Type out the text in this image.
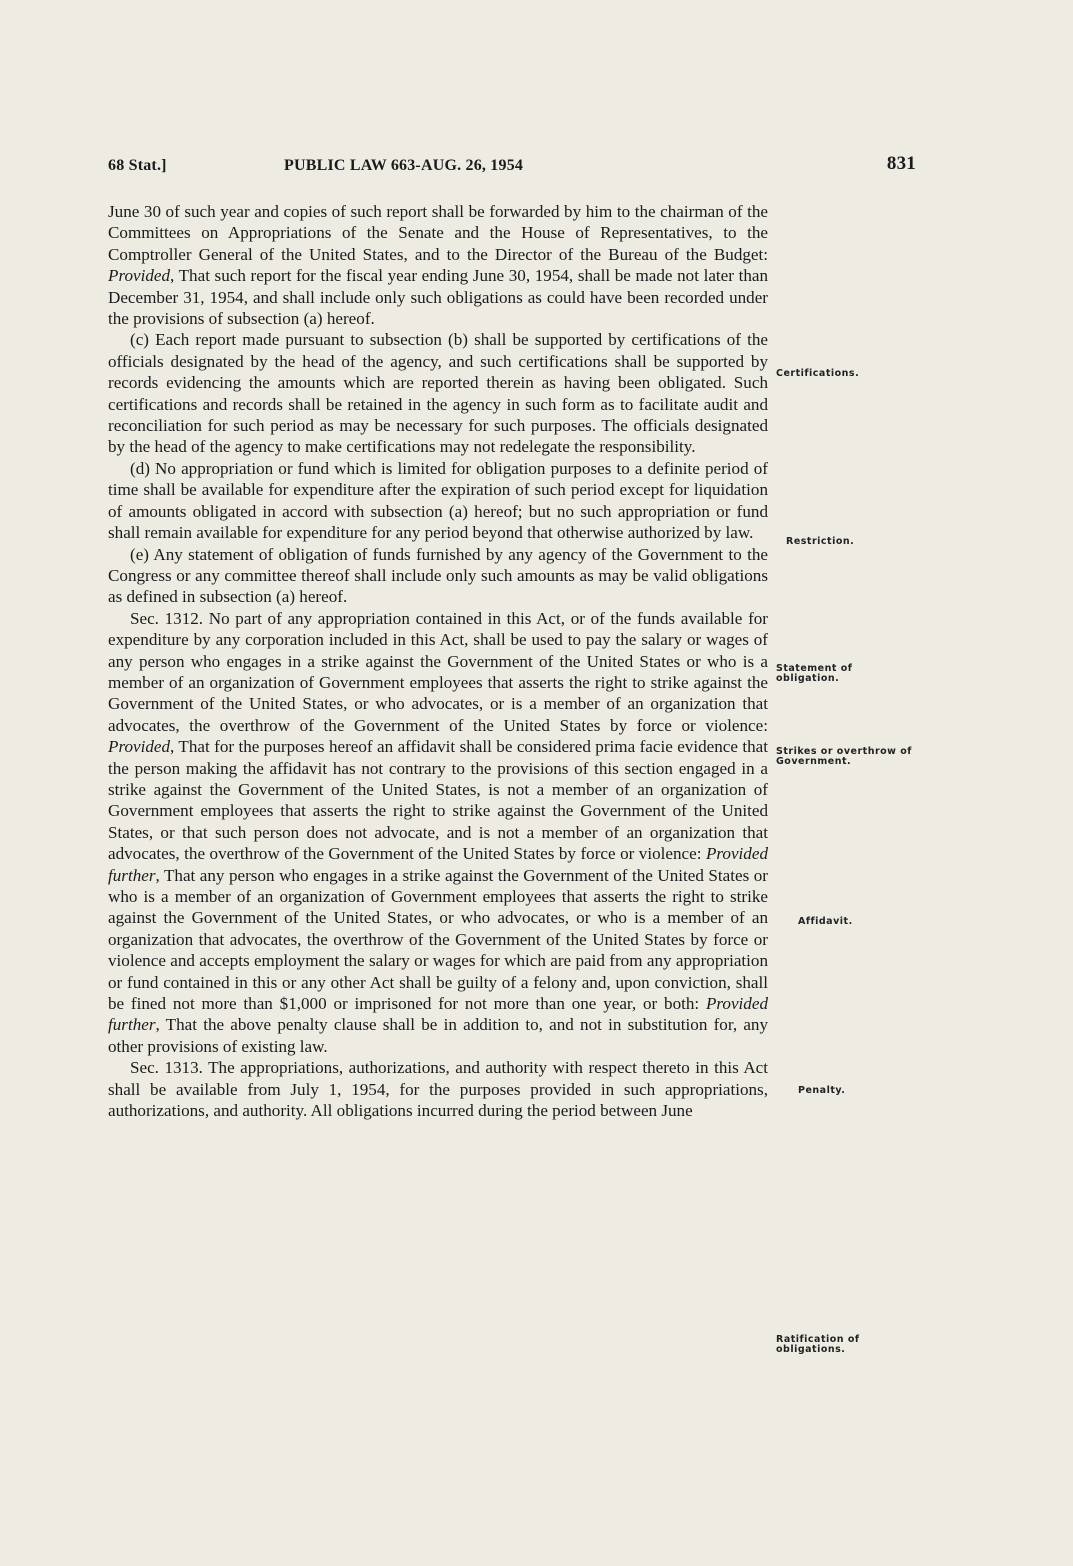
68 Stat.]	PUBLIC LAW 663-AUG. 26, 1954	831

June 30 of such year and copies of such report shall be forwarded by him to the chairman of the Committees on Appropriations of the Senate and the House of Representatives, to the Comptroller General of the United States, and to the Director of the Bureau of the Budget: Provided, That such report for the fiscal year ending June 30, 1954, shall be made not later than December 31, 1954, and shall include only such obligations as could have been recorded under the provisions of subsection (a) hereof.

(c) Each report made pursuant to subsection (b) shall be supported by certifications of the officials designated by the head of the agency, and such certifications shall be supported by records evidencing the amounts which are reported therein as having been obligated. Such certifications and records shall be retained in the agency in such form as to facilitate audit and reconciliation for such period as may be necessary for such purposes. The officials designated by the head of the agency to make certifications may not redelegate the responsibility.

(d) No appropriation or fund which is limited for obligation purposes to a definite period of time shall be available for expenditure after the expiration of such period except for liquidation of amounts obligated in accord with subsection (a) hereof; but no such appropriation or fund shall remain available for expenditure for any period beyond that otherwise authorized by law.

(e) Any statement of obligation of funds furnished by any agency of the Government to the Congress or any committee thereof shall include only such amounts as may be valid obligations as defined in subsection (a) hereof.

Sec. 1312. No part of any appropriation contained in this Act, or of the funds available for expenditure by any corporation included in this Act, shall be used to pay the salary or wages of any person who engages in a strike against the Government of the United States or who is a member of an organization of Government employees that asserts the right to strike against the Government of the United States, or who advocates, or is a member of an organization that advocates, the overthrow of the Government of the United States by force or violence: Provided, That for the purposes hereof an affidavit shall be considered prima facie evidence that the person making the affidavit has not contrary to the provisions of this section engaged in a strike against the Government of the United States, is not a member of an organization of Government employees that asserts the right to strike against the Government of the United States, or that such person does not advocate, and is not a member of an organization that advocates, the overthrow of the Government of the United States by force or violence: Provided further, That any person who engages in a strike against the Government of the United States or who is a member of an organization of Government employees that asserts the right to strike against the Government of the United States, or who advocates, or who is a member of an organization that advocates, the overthrow of the Government of the United States by force or violence and accepts employment the salary or wages for which are paid from any appropriation or fund contained in this or any other Act shall be guilty of a felony and, upon conviction, shall be fined not more than $1,000 or imprisoned for not more than one year, or both: Provided further, That the above penalty clause shall be in addition to, and not in substitution for, any other provisions of existing law.

Sec. 1313. The appropriations, authorizations, and authority with respect thereto in this Act shall be available from July 1, 1954, for the purposes provided in such appropriations, authorizations, and authority. All obligations incurred during the period between June

Certifications.
Restriction.
Statement of obligation.
Strikes or overthrow of Government.
Affidavit.
Penalty.
Ratification of obligations.
